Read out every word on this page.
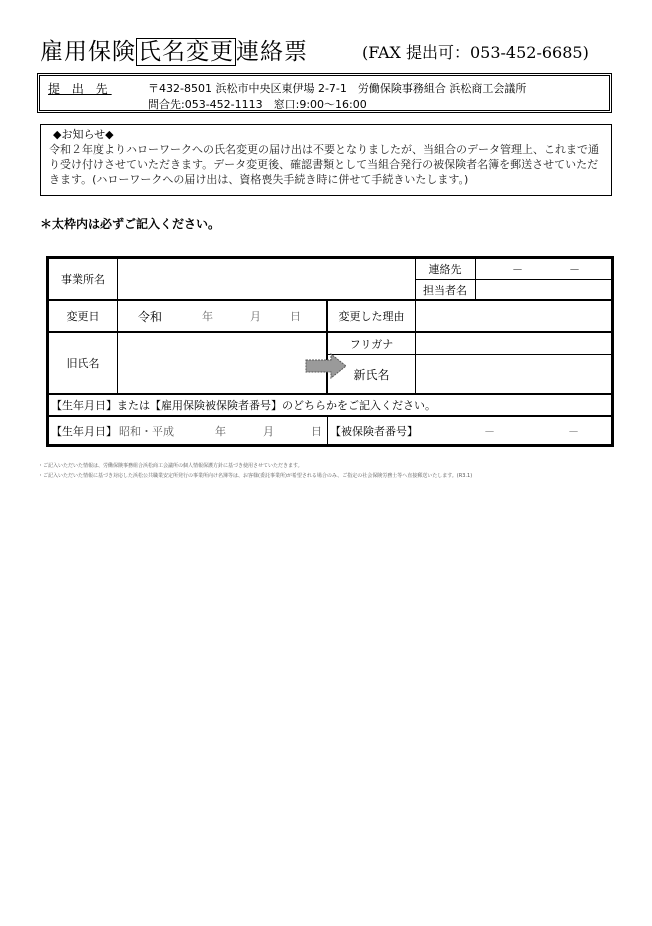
雇用保険氏名変更連絡票	(FAX 提出可：053-452-6685)
提 出 先	〒432-8501 浜松市中央区東伊場 2-7-1　労働保険事務組合 浜松商工会議所
問合先:053-452-1113　窓口:9:00～16:00
◆お知らせ◆
令和２年度よりハローワークへの氏名変更の届け出は不要となりましたが、当組合のデータ管理上、これまで通り受け付けさせていただきます。データ変更後、確認書類として当組合発行の被保険者名簿を郵送させていただきます。(ハローワークへの届け出は、資格喪失手続き時に併せて手続きいたします。)
＊太枠内は必ずご記入ください。
事業所名
連絡先	－	－
担当者名
変更日	令和	年	月	日	変更した理由
旧氏名
フリガナ
新氏名
【生年月日】または【雇用保険被保険者番号】のどちらかをご記入ください。
【生年月日】 昭和・平成	年	月	日 【被保険者番号】	－	－
・ご記入いただいた情報は、労働保険事務組合浜松商工会議所の個人情報保護方針に基づき使用させていただきます。
・ご記入いただいた情報に基づき対応した浜松公共職業安定所発行の事業所向け名簿等は、お客様(委託事業所)が希望される場合のみ、ご指定の社会保険労務士等へ直接郵送いたします。(R3.1)
